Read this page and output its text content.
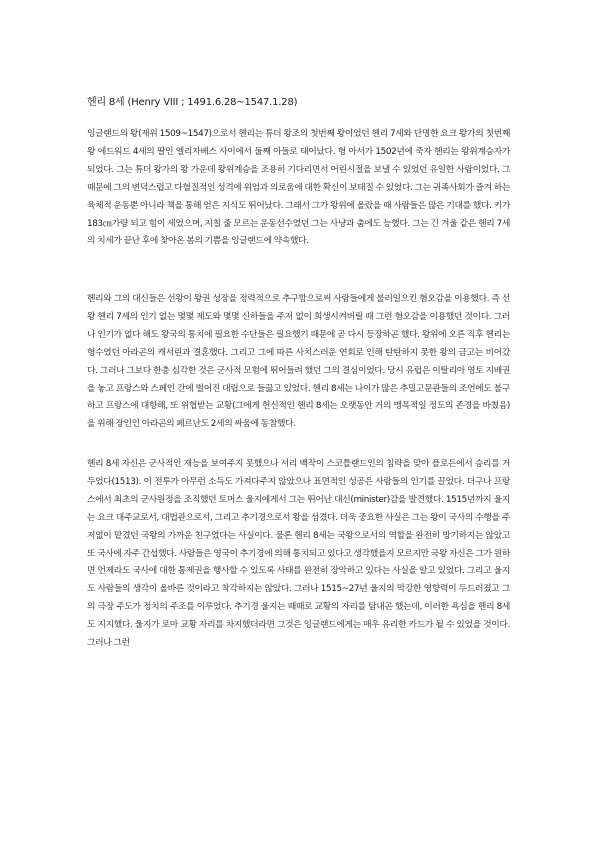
헨리 8세 (Henry VIII ; 1491.6.28~1547.1.28)

잉글랜드의 왕(재위 1509~1547)으로서 헨리는 튜더 왕조의 첫번째 왕이었던 헨리 7세와 단명한 요크 왕가의 첫번째 왕 에드워드 4세의 딸인 엘리자베스 사이에서 둘째 아들로 태어났다. 형 아서가 1502년에 죽자 헨리는 왕위계승자가 되었다. 그는 튜더 왕가의 왕 가운데 왕위계승을 조용히 기다리면서 어린시절을 보낼 수 있었던 유일한 사람이었다. 그때문에 그의 변덕스럽고 다혈질적인 성격에 위엄과 의로움에 대한 확신이 보태질 수 있었다. 그는 귀족사회가 즐겨 하는 육체적 운동뿐 아니라 책을 통해 얻은 지식도 뛰어났다. 그래서 그가 왕위에 올랐을 때 사람들은 많은 기대를 했다. 키가 183㎝가량 되고 힘이 세었으며, 지칠 줄 모르는 운동선수였던 그는 사냥과 춤에도 능했다. 그는 긴 겨울 같은 헨리 7세의 치세가 끝난 후에 찾아온 봄의 기쁨을 잉글랜드에 약속했다.

헨리와 그의 대신들은 선왕이 왕권 성장을 정력적으로 추구함으로써 사람들에게 불러일으킨 혐오감을 이용했다. 즉 선왕 헨리 7세의 인기 없는 몇몇 제도와 몇몇 신하들을 주저 없이 희생시켜버릴 때 그런 혐오감을 이용했던 것이다. 그러나 인기가 없다 해도 왕국의 통치에 필요한 수단들은 필요했기 때문에 곧 다시 등장하곤 했다. 왕위에 오른 직후 헨리는 형수였던 아라곤의 캐서린과 결혼했다. 그리고 그에 따른 사치스러운 연회로 인해 탄탄하지 못한 왕의 금고는 비어갔다. 그러나 그보다 한층 심각한 것은 군사적 모험에 뛰어들려 했던 그의 결심이었다. 당시 유럽은 이탈리아 영토 지배권을 놓고 프랑스와 스페인 간에 벌어진 대립으로 들끓고 있었다. 헨리 8세는 나이가 많은 추밀고문관들의 조언에도 불구하고 프랑스에 대항해, 또 위협받는 교황(그에게 헌신적인 헨리 8세는 오랫동안 거의 맹목적일 정도의 존경을 바쳤음)을 위해 장인인 아라곤의 페르난도 2세의 싸움에 동참했다.

헨리 8세 자신은 군사적인 재능을 보여주지 못했으나 서리 백작이 스코틀랜드인의 침략을 맞아 플로든에서 승리를 거두었다(1513). 이 전투가 아무런 소득도 가져다주지 않았으나 표면적인 성공은 사람들의 인기를 끌었다. 더구나 프랑스에서 최초의 군사원정을 조직했던 토머스 울지에게서 그는 뛰어난 대신(minister)감을 발견했다. 1515년까지 울지는 요크 대주교로서, 대법관으로서, 그리고 추기경으로서 왕을 섬겼다. 더욱 중요한 사실은 그는 왕이 국사의 수행을 주저없이 맡겼던 국왕의 가까운 친구였다는 사실이다. 물론 헨리 8세는 국왕으로서의 역할을 완전히 방기하지는 않았고 또 국사에 자주 간섭했다. 사람들은 영국이 추기경에 의해 통치되고 있다고 생각했을지 모르지만 국왕 자신은 그가 원하면 언제라도 국사에 대한 통제권을 행사할 수 있도록 사태를 완전히 장악하고 있다는 사실을 알고 있었다. 그리고 울지도 사람들의 생각이 올바른 것이라고 착각하지는 않았다. 그러나 1515~27년 울지의 막강한 영향력이 두드러졌고 그의 극장 주도가 정치의 주조를 이루었다. 추기경 울지는 때때로 교황의 자리를 탐내곤 했는데, 이러한 욕심을 헨리 8세도 지지했다. 울지가 로마 교황 자리를 차지했더라면 그것은 잉글랜드에게는 매우 유리한 카드가 될 수 있었을 것이다. 그러나 그런
